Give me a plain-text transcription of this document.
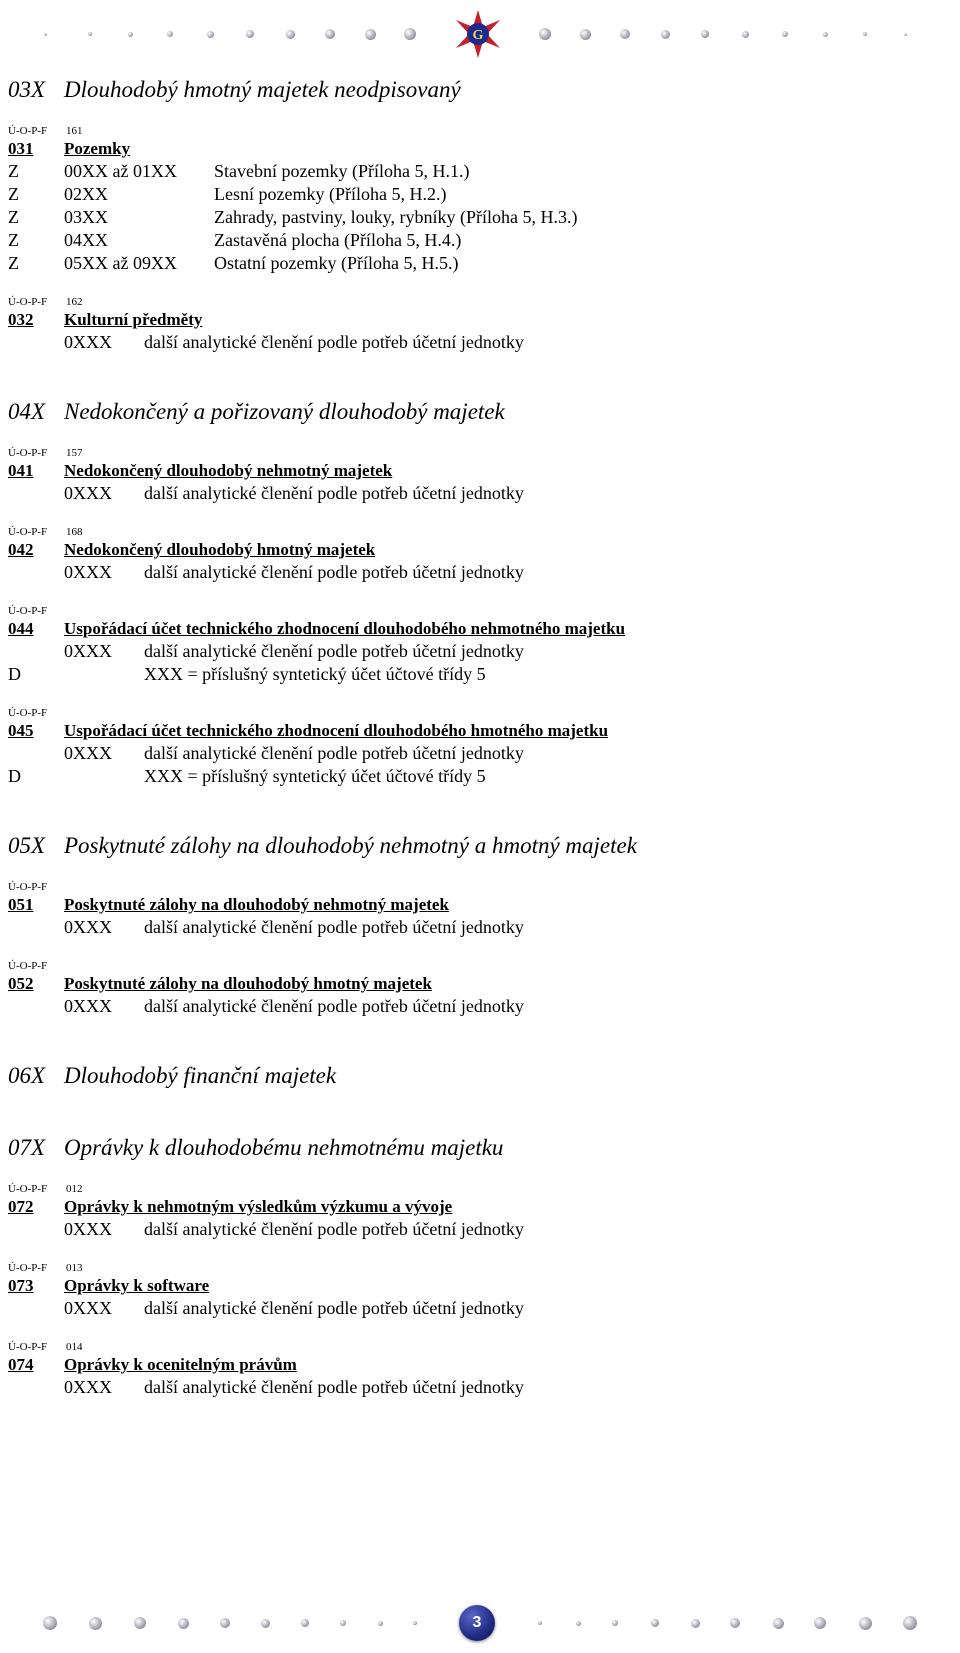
G
03X Dlouhodobý hmotný majetek neodpisovaný
Ú-O-P-F	161
031	Pozemky
Z	00XX až 01XX	Stavební pozemky (Příloha 5, H.1.)
Z	02XX	Lesní pozemky (Příloha 5, H.2.)
Z	03XX	Zahrady, pastviny, louky, rybníky (Příloha 5, H.3.)
Z	04XX	Zastavěná plocha (Příloha 5, H.4.)
Z	05XX až 09XX	Ostatní pozemky (Příloha 5, H.5.)
Ú-O-P-F	162
032	Kulturní předměty
0XXX	další analytické členění podle potřeb účetní jednotky
04X Nedokončený a pořizovaný dlouhodobý majetek
Ú-O-P-F	157
041	Nedokončený dlouhodobý nehmotný majetek
0XXX	další analytické členění podle potřeb účetní jednotky
Ú-O-P-F	168
042	Nedokončený dlouhodobý hmotný majetek
0XXX	další analytické členění podle potřeb účetní jednotky
Ú-O-P-F
044	Uspořádací účet technického zhodnocení dlouhodobého nehmotného majetku
0XXX	další analytické členění podle potřeb účetní jednotky
D	XXX = příslušný syntetický účet účtové třídy 5
Ú-O-P-F
045	Uspořádací účet technického zhodnocení dlouhodobého hmotného majetku
0XXX	další analytické členění podle potřeb účetní jednotky
D	XXX = příslušný syntetický účet účtové třídy 5
05X Poskytnuté zálohy na dlouhodobý nehmotný a hmotný majetek
Ú-O-P-F
051	Poskytnuté zálohy na dlouhodobý nehmotný majetek
0XXX	další analytické členění podle potřeb účetní jednotky
Ú-O-P-F
052	Poskytnuté zálohy na dlouhodobý hmotný majetek
0XXX	další analytické členění podle potřeb účetní jednotky
06X Dlouhodobý finanční majetek
07X Oprávky k dlouhodobému nehmotnému majetku
Ú-O-P-F	012
072	Oprávky k nehmotným výsledkům výzkumu a vývoje
0XXX	další analytické členění podle potřeb účetní jednotky
Ú-O-P-F	013
073	Oprávky k software
0XXX	další analytické členění podle potřeb účetní jednotky
Ú-O-P-F	014
074	Oprávky k ocenitelným právům
0XXX	další analytické členění podle potřeb účetní jednotky
3
